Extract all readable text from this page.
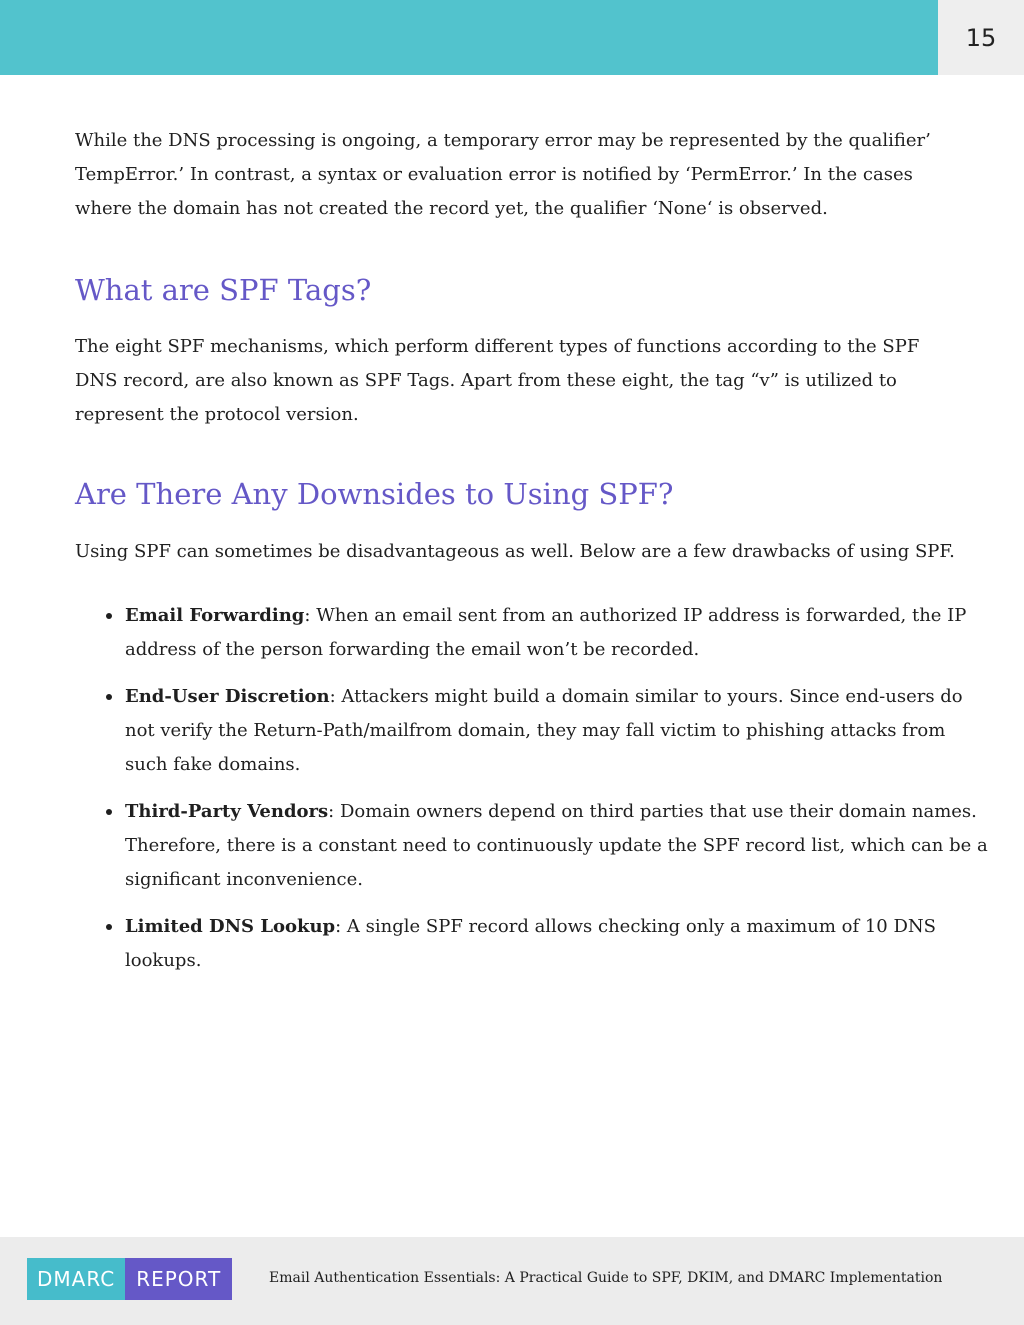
15

While the DNS processing is ongoing, a temporary error may be represented by the qualifier’ TempError.’ In contrast, a syntax or evaluation error is notified by ‘PermError.’ In the cases where the domain has not created the record yet, the qualifier ‘None‘ is observed.

What are SPF Tags?

The eight SPF mechanisms, which perform different types of functions according to the SPF DNS record, are also known as SPF Tags. Apart from these eight, the tag “v” is utilized to represent the protocol version.

Are There Any Downsides to Using SPF?

Using SPF can sometimes be disadvantageous as well. Below are a few drawbacks of using SPF.

Email Forwarding: When an email sent from an authorized IP address is forwarded, the IP address of the person forwarding the email won’t be recorded.
End-User Discretion: Attackers might build a domain similar to yours. Since end-users do not verify the Return-Path/mailfrom domain, they may fall victim to phishing attacks from such fake domains.
Third-Party Vendors: Domain owners depend on third parties that use their domain names. Therefore, there is a constant need to continuously update the SPF record list, which can be a significant inconvenience.
Limited DNS Lookup: A single SPF record allows checking only a maximum of 10 DNS lookups.
DMARC	REPORT	Email Authentication Essentials: A Practical Guide to SPF, DKIM, and DMARC Implementation
